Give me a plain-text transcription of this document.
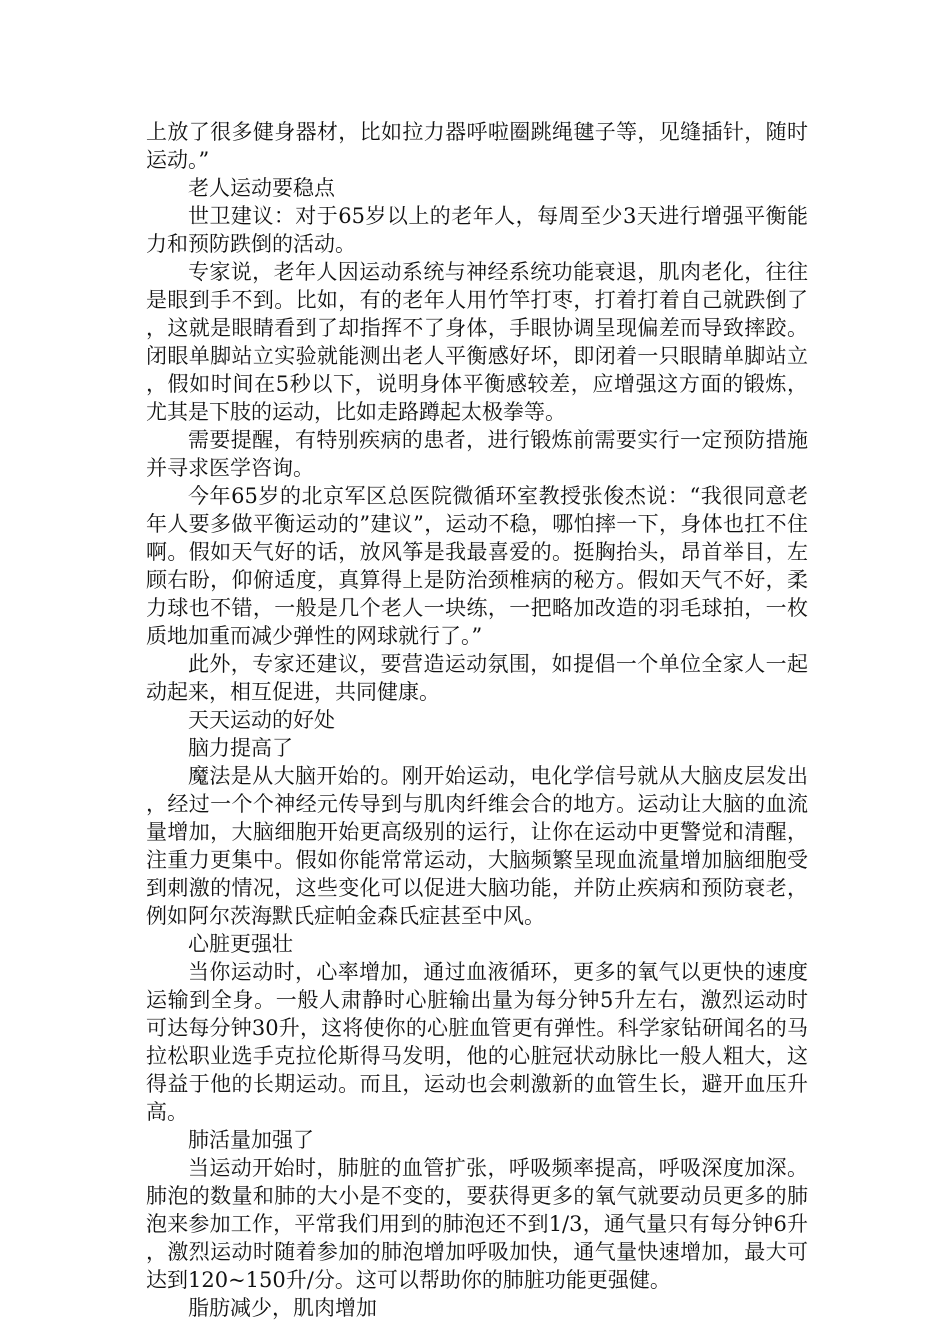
上放了很多健身器材，比如拉力器呼啦圈跳绳毽子等，见缝插针，随时运动。”

老人运动要稳点

世卫建议：对于65岁以上的老年人，每周至少3天进行增强平衡能力和预防跌倒的活动。

专家说，老年人因运动系统与神经系统功能衰退，肌肉老化，往往是眼到手不到。比如，有的老年人用竹竿打枣，打着打着自己就跌倒了，这就是眼睛看到了却指挥不了身体，手眼协调呈现偏差而导致摔跤。闭眼单脚站立实验就能测出老人平衡感好坏，即闭着一只眼睛单脚站立，假如时间在5秒以下，说明身体平衡感较差，应增强这方面的锻炼，尤其是下肢的运动，比如走路蹲起太极拳等。

需要提醒，有特别疾病的患者，进行锻炼前需要实行一定预防措施并寻求医学咨询。

今年65岁的北京军区总医院微循环室教授张俊杰说：“我很同意老年人要多做平衡运动的”建议”，运动不稳，哪怕摔一下，身体也扛不住啊。假如天气好的话，放风筝是我最喜爱的。挺胸抬头，昂首举目，左顾右盼，仰俯适度，真算得上是防治颈椎病的秘方。假如天气不好，柔力球也不错，一般是几个老人一块练，一把略加改造的羽毛球拍，一枚质地加重而减少弹性的网球就行了。”

此外，专家还建议，要营造运动氛围，如提倡一个单位全家人一起动起来，相互促进，共同健康。

天天运动的好处

脑力提高了

魔法是从大脑开始的。刚开始运动，电化学信号就从大脑皮层发出，经过一个个神经元传导到与肌肉纤维会合的地方。运动让大脑的血流量增加，大脑细胞开始更高级别的运行，让你在运动中更警觉和清醒，注重力更集中。假如你能常常运动，大脑频繁呈现血流量增加脑细胞受到刺激的情况，这些变化可以促进大脑功能，并防止疾病和预防衰老，例如阿尔茨海默氏症帕金森氏症甚至中风。

心脏更强壮

当你运动时，心率增加，通过血液循环，更多的氧气以更快的速度运输到全身。一般人肃静时心脏输出量为每分钟5升左右，激烈运动时可达每分钟30升，这将使你的心脏血管更有弹性。科学家钻研闻名的马拉松职业选手克拉伦斯得马发明，他的心脏冠状动脉比一般人粗大，这得益于他的长期运动。而且，运动也会刺激新的血管生长，避开血压升高。

肺活量加强了

当运动开始时，肺脏的血管扩张，呼吸频率提高，呼吸深度加深。肺泡的数量和肺的大小是不变的，要获得更多的氧气就要动员更多的肺泡来参加工作，平常我们用到的肺泡还不到1/3，通气量只有每分钟6升，激烈运动时随着参加的肺泡增加呼吸加快，通气量快速增加，最大可达到120~150升/分。这可以帮助你的肺脏功能更强健。

脂肪减少，肌肉增加
